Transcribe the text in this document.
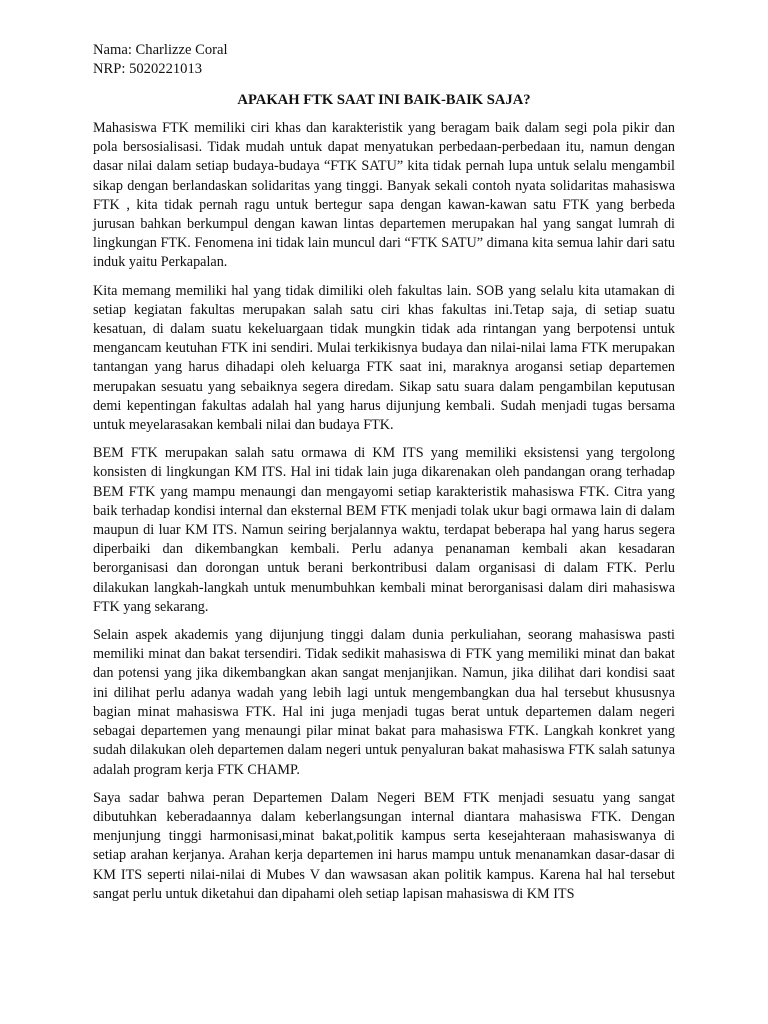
Nama: Charlizze Coral

NRP: 5020221013

APAKAH FTK SAAT INI BAIK-BAIK SAJA?

Mahasiswa FTK memiliki ciri khas dan karakteristik yang beragam baik dalam segi pola pikir dan pola bersosialisasi. Tidak mudah untuk dapat menyatukan perbedaan-perbedaan itu, namun dengan dasar nilai dalam setiap budaya-budaya “FTK SATU” kita tidak pernah lupa untuk selalu mengambil sikap dengan berlandaskan solidaritas yang tinggi. Banyak sekali contoh nyata solidaritas mahasiswa FTK , kita tidak pernah ragu untuk bertegur sapa dengan kawan-kawan satu FTK yang berbeda jurusan bahkan berkumpul dengan kawan lintas departemen merupakan hal yang sangat lumrah di lingkungan FTK. Fenomena ini tidak lain muncul dari “FTK SATU” dimana kita semua lahir dari satu induk yaitu Perkapalan.

Kita memang memiliki hal yang tidak dimiliki oleh fakultas lain. SOB yang selalu kita utamakan di setiap kegiatan fakultas merupakan salah satu ciri khas fakultas ini.Tetap saja, di setiap suatu kesatuan, di dalam suatu kekeluargaan tidak mungkin tidak ada rintangan yang berpotensi untuk mengancam keutuhan FTK ini sendiri. Mulai terkikisnya budaya dan nilai-nilai lama FTK merupakan tantangan yang harus dihadapi oleh keluarga FTK saat ini, maraknya arogansi setiap departemen merupakan sesuatu yang sebaiknya segera diredam. Sikap satu suara dalam pengambilan keputusan demi kepentingan fakultas adalah hal yang harus dijunjung kembali. Sudah menjadi tugas bersama untuk meyelarasakan kembali nilai dan budaya FTK.

BEM FTK merupakan salah satu ormawa di KM ITS yang memiliki eksistensi yang tergolong konsisten di lingkungan KM ITS. Hal ini tidak lain juga dikarenakan oleh pandangan orang terhadap BEM FTK yang mampu menaungi dan mengayomi setiap karakteristik mahasiswa FTK. Citra yang baik terhadap kondisi internal dan eksternal BEM FTK menjadi tolak ukur bagi ormawa lain di dalam maupun di luar KM ITS. Namun seiring berjalannya waktu, terdapat beberapa hal yang harus segera diperbaiki dan dikembangkan kembali. Perlu adanya penanaman kembali akan kesadaran berorganisasi dan dorongan untuk berani berkontribusi dalam organisasi di dalam FTK. Perlu dilakukan langkah-langkah untuk menumbuhkan kembali minat berorganisasi dalam diri mahasiswa FTK yang sekarang.

Selain aspek akademis yang dijunjung tinggi dalam dunia perkuliahan, seorang mahasiswa pasti memiliki minat dan bakat tersendiri. Tidak sedikit mahasiswa di FTK yang memiliki minat dan bakat dan potensi yang jika dikembangkan akan sangat menjanjikan. Namun, jika dilihat dari kondisi saat ini dilihat perlu adanya wadah yang lebih lagi untuk mengembangkan dua hal tersebut khususnya bagian minat mahasiswa FTK. Hal ini juga menjadi tugas berat untuk departemen dalam negeri sebagai departemen yang menaungi pilar minat bakat para mahasiswa FTK. Langkah konkret yang sudah dilakukan oleh departemen dalam negeri untuk penyaluran bakat mahasiswa FTK salah satunya adalah program kerja FTK CHAMP.

Saya sadar bahwa peran Departemen Dalam Negeri BEM FTK menjadi sesuatu yang sangat dibutuhkan keberadaannya dalam keberlangsungan internal diantara mahasiswa FTK. Dengan menjunjung tinggi harmonisasi,minat bakat,politik kampus serta kesejahteraan mahasiswanya di setiap arahan kerjanya. Arahan kerja departemen ini harus mampu untuk menanamkan dasar-dasar di KM ITS seperti nilai-nilai di Mubes V dan wawsasan akan politik kampus. Karena hal hal tersebut sangat perlu untuk diketahui dan dipahami oleh setiap lapisan mahasiswa di KM ITS
